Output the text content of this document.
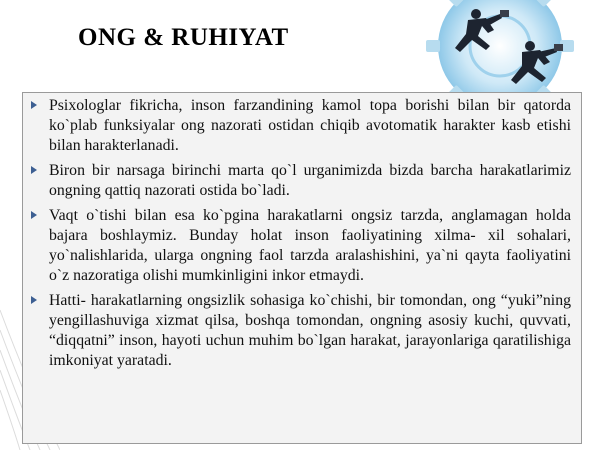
ONG & RUHIYAT

Psixologlar fikricha, inson farzandining kamol topa borishi bilan bir qatorda ko`plab funksiyalar ong nazorati ostidan chiqib avotomatik harakter kasb etishi bilan harakterlanadi.

Biron bir narsaga birinchi marta qo`l urganimizda bizda barcha harakatlarimiz ongning qattiq nazorati ostida bo`ladi.

Vaqt o`tishi bilan esa ko`pgina harakatlarni ongsiz tarzda, anglamagan holda bajara boshlaymiz. Bunday holat inson faoliyatining xilma- xil sohalari, yo`nalishlarida, ularga ongning faol tarzda aralashishini, ya`ni qayta faoliyatini o`z nazoratiga olishi mumkinligini inkor etmaydi.

Hatti- harakatlarning ongsizlik sohasiga ko`chishi, bir tomondan, ong “yuki”ning yengillashuviga xizmat qilsa, boshqa tomondan, ongning asosiy kuchi, quvvati, “diqqatni” inson, hayoti uchun muhim bo`lgan harakat, jarayonlariga qaratilishiga imkoniyat yaratadi.
